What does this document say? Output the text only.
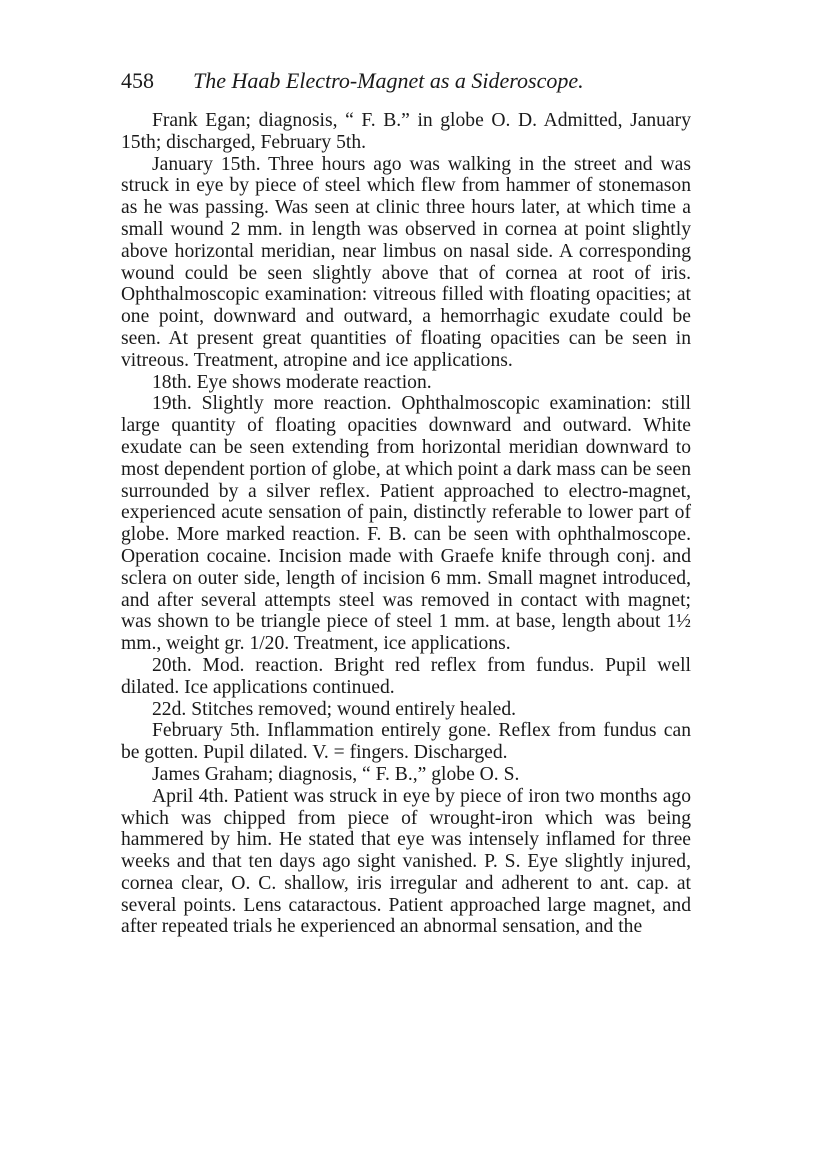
458 The Haab Electro-Magnet as a Sideroscope.

Frank Egan; diagnosis, “ F. B.” in globe O. D. Admitted, January 15th; discharged, February 5th.

January 15th. Three hours ago was walking in the street and was struck in eye by piece of steel which flew from hammer of stonemason as he was passing. Was seen at clinic three hours later, at which time a small wound 2 mm. in length was observed in cornea at point slightly above horizontal meridian, near limbus on nasal side. A corresponding wound could be seen slightly above that of cornea at root of iris. Ophthalmoscopic examination: vitreous filled with floating opacities; at one point, downward and outward, a hemorrhagic exudate could be seen. At present great quantities of floating opacities can be seen in vitreous. Treatment, atropine and ice applications.

18th. Eye shows moderate reaction.

19th. Slightly more reaction. Ophthalmoscopic examination: still large quantity of floating opacities downward and outward. White exudate can be seen extending from horizontal meridian downward to most dependent portion of globe, at which point a dark mass can be seen surrounded by a silver reflex. Patient approached to electro-magnet, experienced acute sensation of pain, distinctly referable to lower part of globe. More marked reaction. F. B. can be seen with ophthalmoscope. Operation cocaine. Incision made with Graefe knife through conj. and sclera on outer side, length of incision 6 mm. Small magnet introduced, and after several attempts steel was removed in contact with magnet; was shown to be triangle piece of steel 1 mm. at base, length about 1½ mm., weight gr. 1/20. Treatment, ice applications.

20th. Mod. reaction. Bright red reflex from fundus. Pupil well dilated. Ice applications continued.

22d. Stitches removed; wound entirely healed.

February 5th. Inflammation entirely gone. Reflex from fundus can be gotten. Pupil dilated. V. = fingers. Discharged.

James Graham; diagnosis, “ F. B.,” globe O. S.

April 4th. Patient was struck in eye by piece of iron two months ago which was chipped from piece of wrought-iron which was being hammered by him. He stated that eye was intensely inflamed for three weeks and that ten days ago sight vanished. P. S. Eye slightly injured, cornea clear, O. C. shallow, iris irregular and adherent to ant. cap. at several points. Lens cataractous. Patient approached large magnet, and after repeated trials he experienced an abnormal sensation, and the
